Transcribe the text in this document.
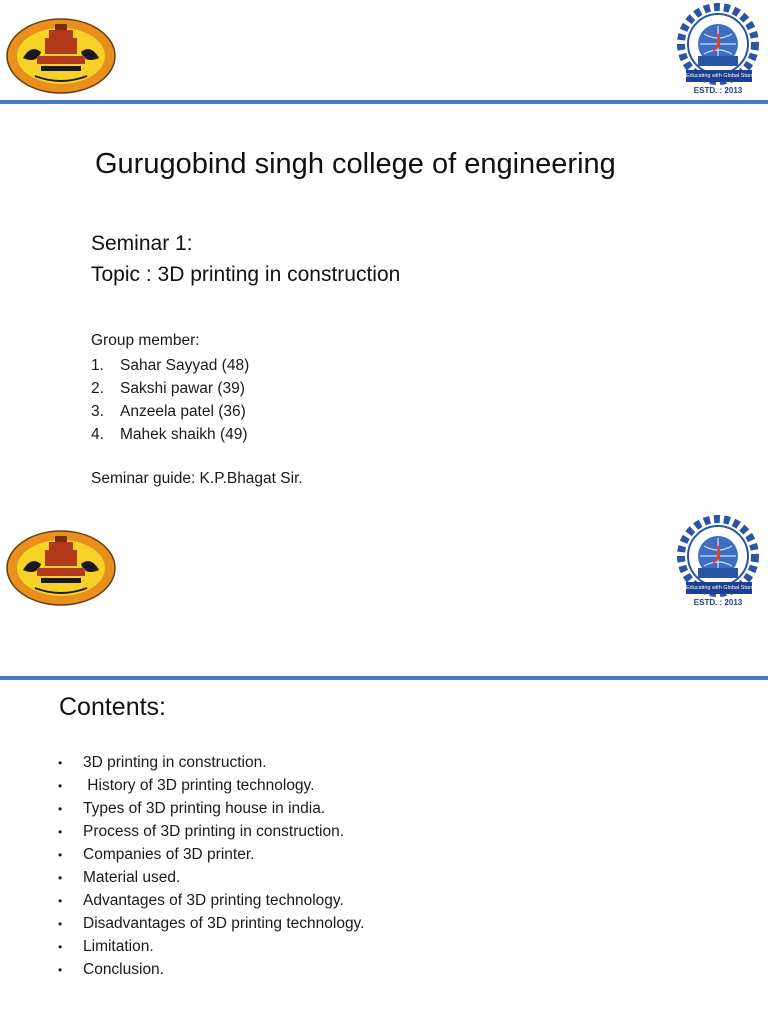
Educating with Global Standards
ESTD. : 2013
Gurugobind singh college of engineering
Seminar 1:
Topic : 3D printing in construction
Group member:
1. Sahar Sayyad (48)
2. Sakshi pawar (39)
3. Anzeela patel (36)
4. Mahek shaikh (49)
Seminar guide: K.P.Bhagat Sir.
Educating with Global Standards
ESTD. : 2013
Contents:
• 3D printing in construction.
• History of 3D printing technology.
• Types of 3D printing house in india.
• Process of 3D printing in construction.
• Companies of 3D printer.
• Material used.
• Advantages of 3D printing technology.
• Disadvantages of 3D printing technology.
• Limitation.
• Conclusion.
